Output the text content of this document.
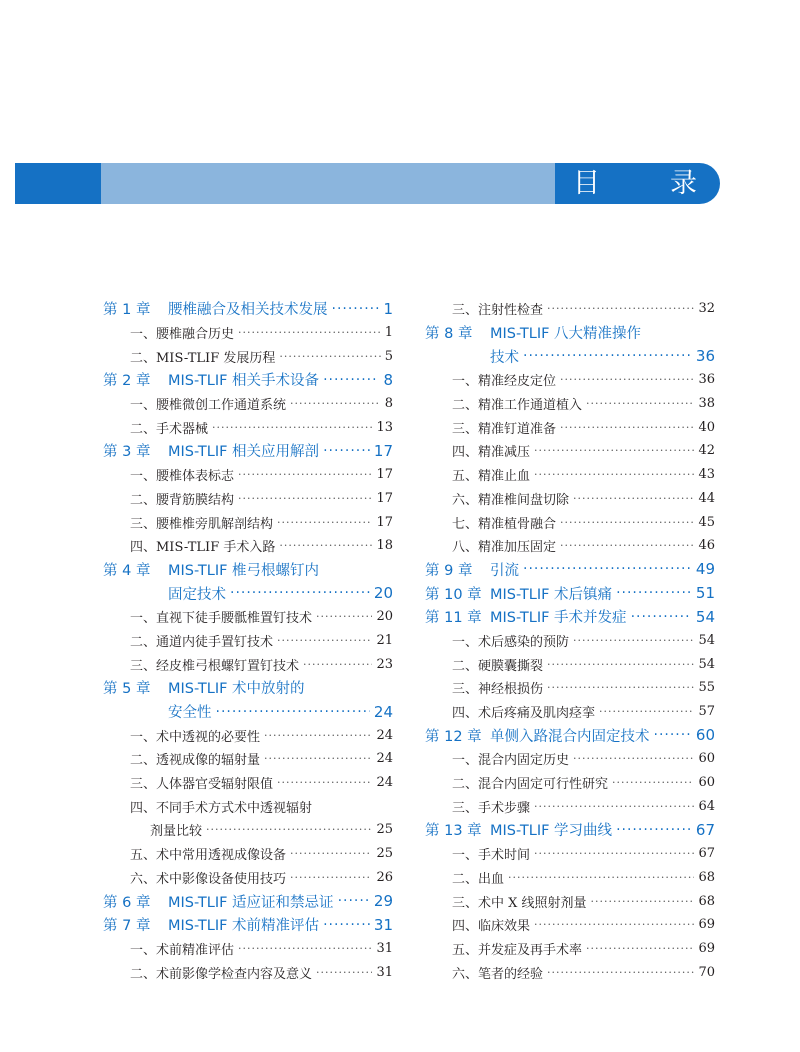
目	录
第 1 章 腰椎融合及相关技术发展 ·····	1
一、腰椎融合历史 ·····	1
二、MIS-TLIF 发展历程 ·····	5
第 2 章 MIS-TLIF 相关手术设备 ·····	8
一、腰椎微创工作通道系统 ·····	8
二、手术器械 ·····	13
第 3 章 MIS-TLIF 相关应用解剖 ·····	17
一、腰椎体表标志 ·····	17
二、腰背筋膜结构 ·····	17
三、腰椎椎旁肌解剖结构 ·····	17
四、MIS-TLIF 手术入路 ·····	18
第 4 章 MIS-TLIF 椎弓根螺钉内
固定技术 ·····	20
一、直视下徒手腰骶椎置钉技术 ·····	20
二、通道内徒手置钉技术 ·····	21
三、经皮椎弓根螺钉置钉技术 ·····	23
第 5 章 MIS-TLIF 术中放射的
安全性 ·····	24
一、术中透视的必要性 ·····	24
二、透视成像的辐射量 ·····	24
三、人体器官受辐射限值 ·····	24
四、不同手术方式术中透视辐射
剂量比较 ·····	25
五、术中常用透视成像设备 ·····	25
六、术中影像设备使用技巧 ·····	26
第 6 章 MIS-TLIF 适应证和禁忌证 ·····	29
第 7 章 MIS-TLIF 术前精准评估 ·····	31
一、术前精准评估 ·····	31
二、术前影像学检查内容及意义 ·····	31
三、注射性检查 ·····	32
第 8 章 MIS-TLIF 八大精准操作
技术 ·····	36
一、精准经皮定位 ·····	36
二、精准工作通道植入 ·····	38
三、精准钉道准备 ·····	40
四、精准减压 ·····	42
五、精准止血 ·····	43
六、精准椎间盘切除 ·····	44
七、精准植骨融合 ·····	45
八、精准加压固定 ·····	46
第 9 章 引流 ·····	49
第 10 章 MIS-TLIF 术后镇痛 ·····	51
第 11 章 MIS-TLIF 手术并发症 ·····	54
一、术后感染的预防 ·····	54
二、硬膜囊撕裂 ·····	54
三、神经根损伤 ·····	55
四、术后疼痛及肌肉痉挛 ·····	57
第 12 章 单侧入路混合内固定技术 ·····	60
一、混合内固定历史 ·····	60
二、混合内固定可行性研究 ·····	60
三、手术步骤 ·····	64
第 13 章 MIS-TLIF 学习曲线 ·····	67
一、手术时间 ·····	67
二、出血 ·····	68
三、术中 X 线照射剂量 ·····	68
四、临床效果 ·····	69
五、并发症及再手术率 ·····	69
六、笔者的经验 ·····	70
